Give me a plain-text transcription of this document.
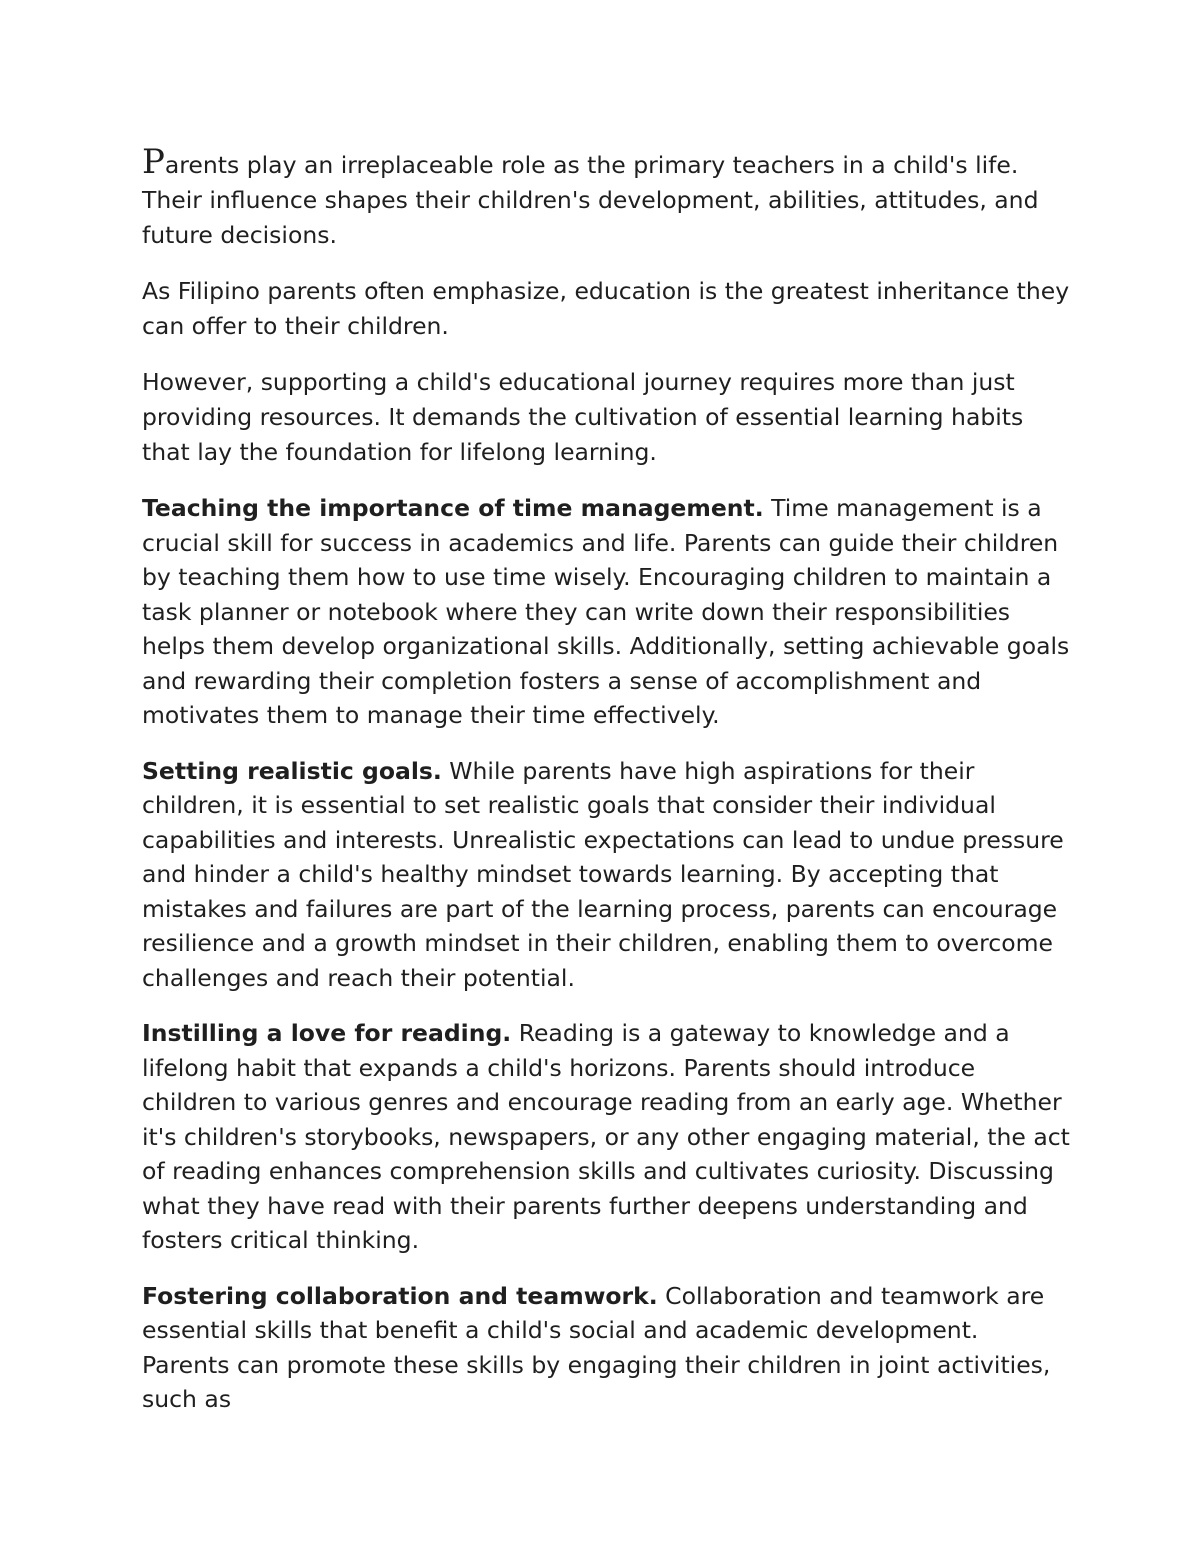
Parents play an irreplaceable role as the primary teachers in a child's life. Their influence shapes their children's development, abilities, attitudes, and future decisions.

As Filipino parents often emphasize, education is the greatest inheritance they can offer to their children.

However, supporting a child's educational journey requires more than just providing resources. It demands the cultivation of essential learning habits that lay the foundation for lifelong learning.

Teaching the importance of time management. Time management is a crucial skill for success in academics and life. Parents can guide their children by teaching them how to use time wisely. Encouraging children to maintain a task planner or notebook where they can write down their responsibilities helps them develop organizational skills. Additionally, setting achievable goals and rewarding their completion fosters a sense of accomplishment and motivates them to manage their time effectively.

Setting realistic goals. While parents have high aspirations for their children, it is essential to set realistic goals that consider their individual capabilities and interests. Unrealistic expectations can lead to undue pressure and hinder a child's healthy mindset towards learning. By accepting that mistakes and failures are part of the learning process, parents can encourage resilience and a growth mindset in their children, enabling them to overcome challenges and reach their potential.

Instilling a love for reading. Reading is a gateway to knowledge and a lifelong habit that expands a child's horizons. Parents should introduce children to various genres and encourage reading from an early age. Whether it's children's storybooks, newspapers, or any other engaging material, the act of reading enhances comprehension skills and cultivates curiosity. Discussing what they have read with their parents further deepens understanding and fosters critical thinking.

Fostering collaboration and teamwork. Collaboration and teamwork are essential skills that benefit a child's social and academic development. Parents can promote these skills by engaging their children in joint activities, such as
